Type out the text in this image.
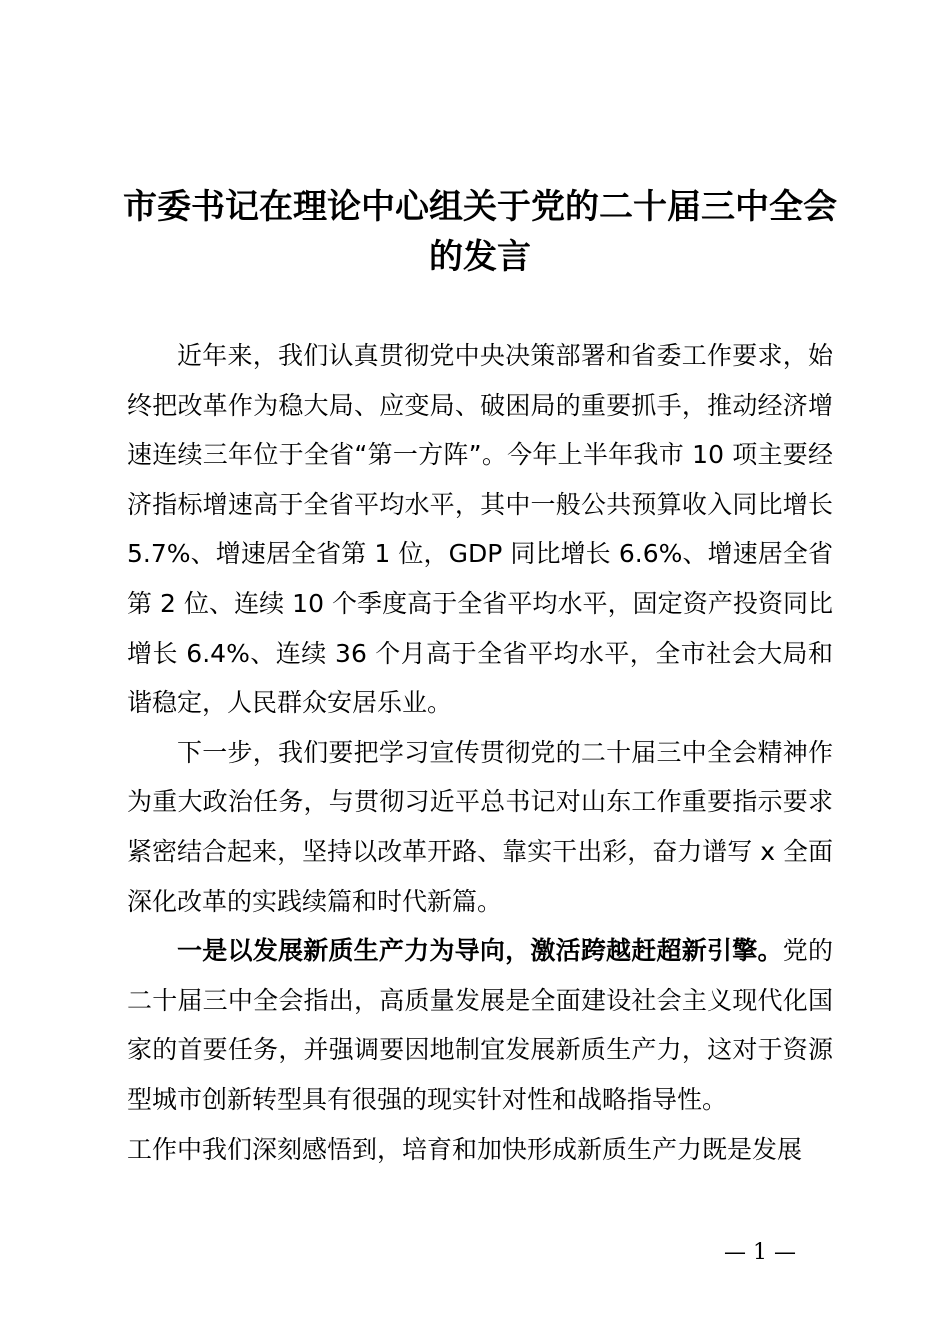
市委书记在理论中心组关于党的二十届三中全会的发言

近年来，我们认真贯彻党中央决策部署和省委工作要求，始终把改革作为稳大局、应变局、破困局的重要抓手，推动经济增速连续三年位于全省“第一方阵”。今年上半年我市 10 项主要经济指标增速高于全省平均水平，其中一般公共预算收入同比增长 5.7%、增速居全省第 1 位，GDP 同比增长 6.6%、增速居全省第 2 位、连续 10 个季度高于全省平均水平，固定资产投资同比增长 6.4%、连续 36 个月高于全省平均水平，全市社会大局和谐稳定，人民群众安居乐业。

下一步，我们要把学习宣传贯彻党的二十届三中全会精神作为重大政治任务，与贯彻习近平总书记对山东工作重要指示要求紧密结合起来，坚持以改革开路、靠实干出彩，奋力谱写 x 全面深化改革的实践续篇和时代新篇。

一是以发展新质生产力为导向，激活跨越赶超新引擎。党的二十届三中全会指出，高质量发展是全面建设社会主义现代化国家的首要任务，并强调要因地制宜发展新质生产力，这对于资源型城市创新转型具有很强的现实针对性和战略指导性。

工作中我们深刻感悟到，培育和加快形成新质生产力既是发展

— 1 —
